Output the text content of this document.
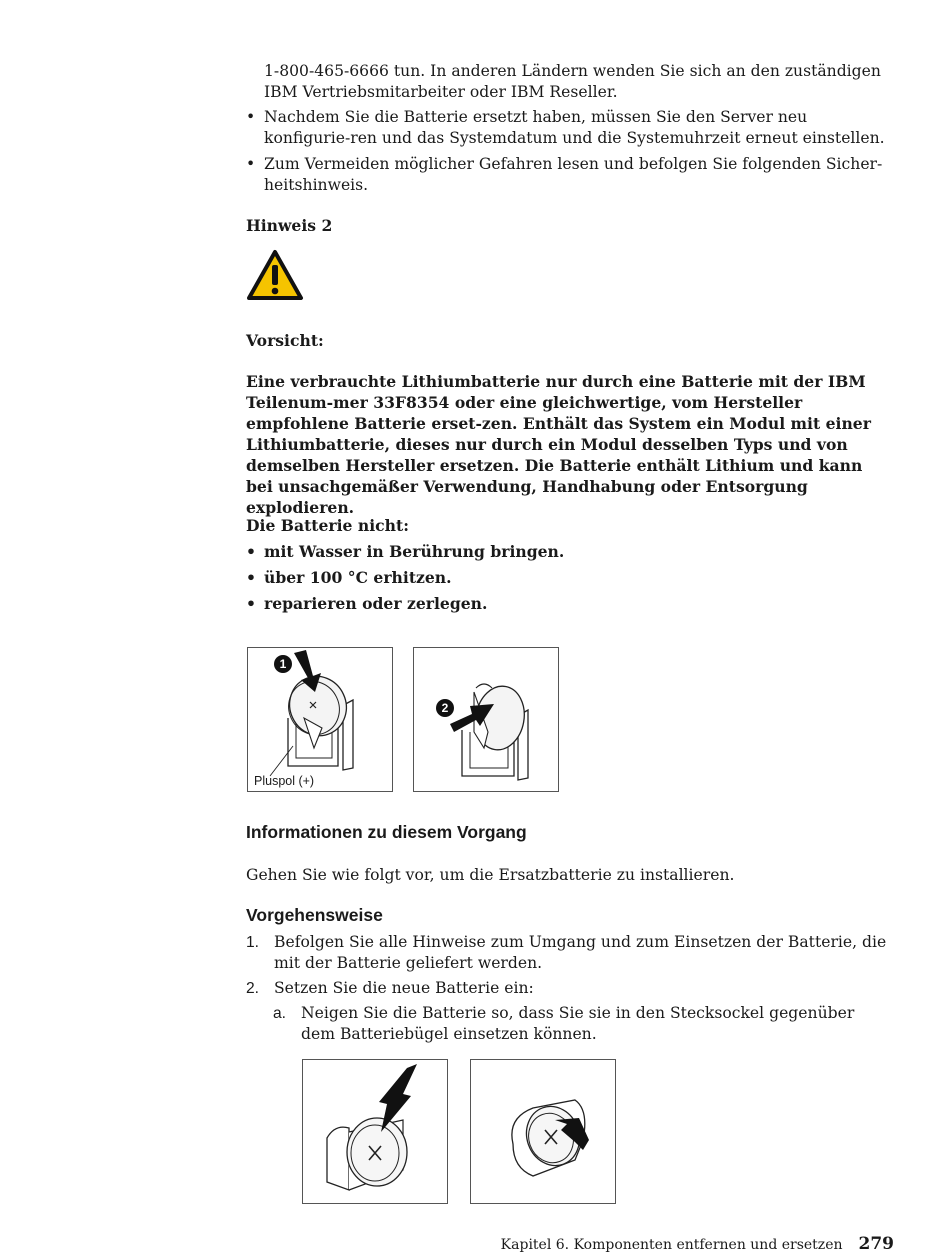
1-800-465-6666 tun. In anderen Ländern wenden Sie sich an den zuständigen IBM Vertriebsmitarbeiter oder IBM Reseller.
• Nachdem Sie die Batterie ersetzt haben, müssen Sie den Server neu konfigurie-ren und das Systemdatum und die Systemuhrzeit erneut einstellen.
• Zum Vermeiden möglicher Gefahren lesen und befolgen Sie folgenden Sicher-heitshinweis.
Hinweis 2
Vorsicht:
Eine verbrauchte Lithiumbatterie nur durch eine Batterie mit der IBM Teilenum-mer 33F8354 oder eine gleichwertige, vom Hersteller empfohlene Batterie erset-zen. Enthält das System ein Modul mit einer Lithiumbatterie, dieses nur durch ein Modul desselben Typs und von demselben Hersteller ersetzen. Die Batterie enthält Lithium und kann bei unsachgemäßer Verwendung, Handhabung oder Entsorgung explodieren.
Die Batterie nicht:
• mit Wasser in Berührung bringen.
• über 100 °C erhitzen.
• reparieren oder zerlegen.
1
Pluspol (+)
2
Informationen zu diesem Vorgang
Gehen Sie wie folgt vor, um die Ersatzbatterie zu installieren.
Vorgehensweise
1. Befolgen Sie alle Hinweise zum Umgang und zum Einsetzen der Batterie, die mit der Batterie geliefert werden.
2. Setzen Sie die neue Batterie ein:
a. Neigen Sie die Batterie so, dass Sie sie in den Stecksockel gegenüber dem Batteriebügel einsetzen können.
Kapitel 6. Komponenten entfernen und ersetzen 279
